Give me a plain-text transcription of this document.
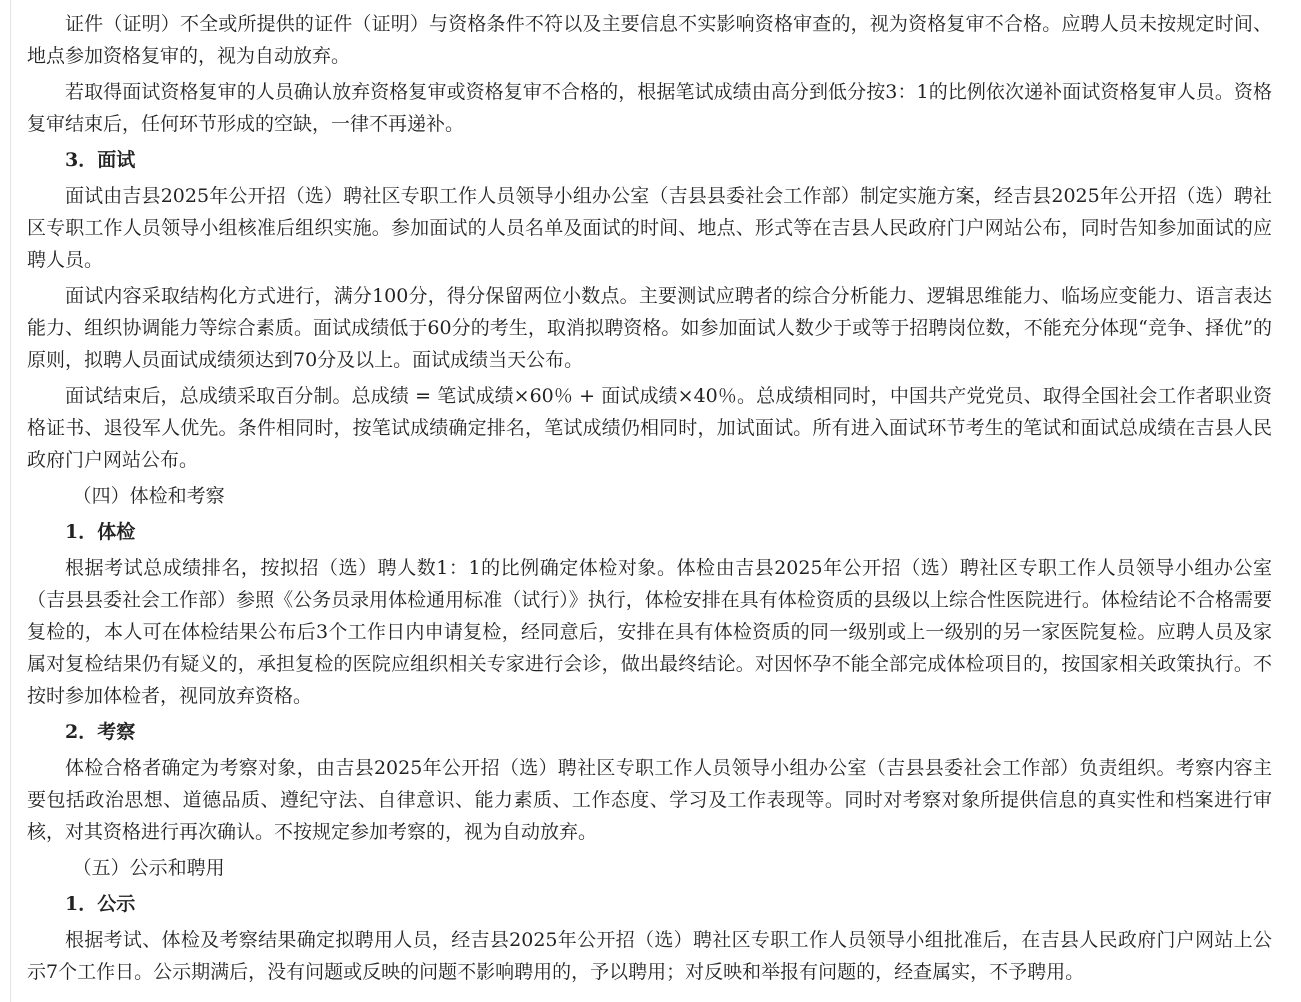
证件（证明）不全或所提供的证件（证明）与资格条件不符以及主要信息不实影响资格审查的，视为资格复审不合格。应聘人员未按规定时间、地点参加资格复审的，视为自动放弃。

若取得面试资格复审的人员确认放弃资格复审或资格复审不合格的，根据笔试成绩由高分到低分按3：1的比例依次递补面试资格复审人员。资格复审结束后，任何环节形成的空缺，一律不再递补。

3．面试

面试由吉县2025年公开招（选）聘社区专职工作人员领导小组办公室（吉县县委社会工作部）制定实施方案，经吉县2025年公开招（选）聘社区专职工作人员领导小组核准后组织实施。参加面试的人员名单及面试的时间、地点、形式等在吉县人民政府门户网站公布，同时告知参加面试的应聘人员。

面试内容采取结构化方式进行，满分100分，得分保留两位小数点。主要测试应聘者的综合分析能力、逻辑思维能力、临场应变能力、语言表达能力、组织协调能力等综合素质。面试成绩低于60分的考生，取消拟聘资格。如参加面试人数少于或等于招聘岗位数，不能充分体现“竞争、择优”的原则，拟聘人员面试成绩须达到70分及以上。面试成绩当天公布。

面试结束后，总成绩采取百分制。总成绩 = 笔试成绩×60％ + 面试成绩×40％。总成绩相同时，中国共产党党员、取得全国社会工作者职业资格证书、退役军人优先。条件相同时，按笔试成绩确定排名，笔试成绩仍相同时，加试面试。所有进入面试环节考生的笔试和面试总成绩在吉县人民政府门户网站公布。

（四）体检和考察

1．体检

根据考试总成绩排名，按拟招（选）聘人数1：1的比例确定体检对象。体检由吉县2025年公开招（选）聘社区专职工作人员领导小组办公室（吉县县委社会工作部）参照《公务员录用体检通用标准（试行）》执行，体检安排在具有体检资质的县级以上综合性医院进行。体检结论不合格需要复检的，本人可在体检结果公布后3个工作日内申请复检，经同意后，安排在具有体检资质的同一级别或上一级别的另一家医院复检。应聘人员及家属对复检结果仍有疑义的，承担复检的医院应组织相关专家进行会诊，做出最终结论。对因怀孕不能全部完成体检项目的，按国家相关政策执行。不按时参加体检者，视同放弃资格。

2．考察

体检合格者确定为考察对象，由吉县2025年公开招（选）聘社区专职工作人员领导小组办公室（吉县县委社会工作部）负责组织。考察内容主要包括政治思想、道德品质、遵纪守法、自律意识、能力素质、工作态度、学习及工作表现等。同时对考察对象所提供信息的真实性和档案进行审核，对其资格进行再次确认。不按规定参加考察的，视为自动放弃。

（五）公示和聘用

1．公示

根据考试、体检及考察结果确定拟聘用人员，经吉县2025年公开招（选）聘社区专职工作人员领导小组批准后，在吉县人民政府门户网站上公示7个工作日。公示期满后，没有问题或反映的问题不影响聘用的，予以聘用；对反映和举报有问题的，经查属实，不予聘用。
